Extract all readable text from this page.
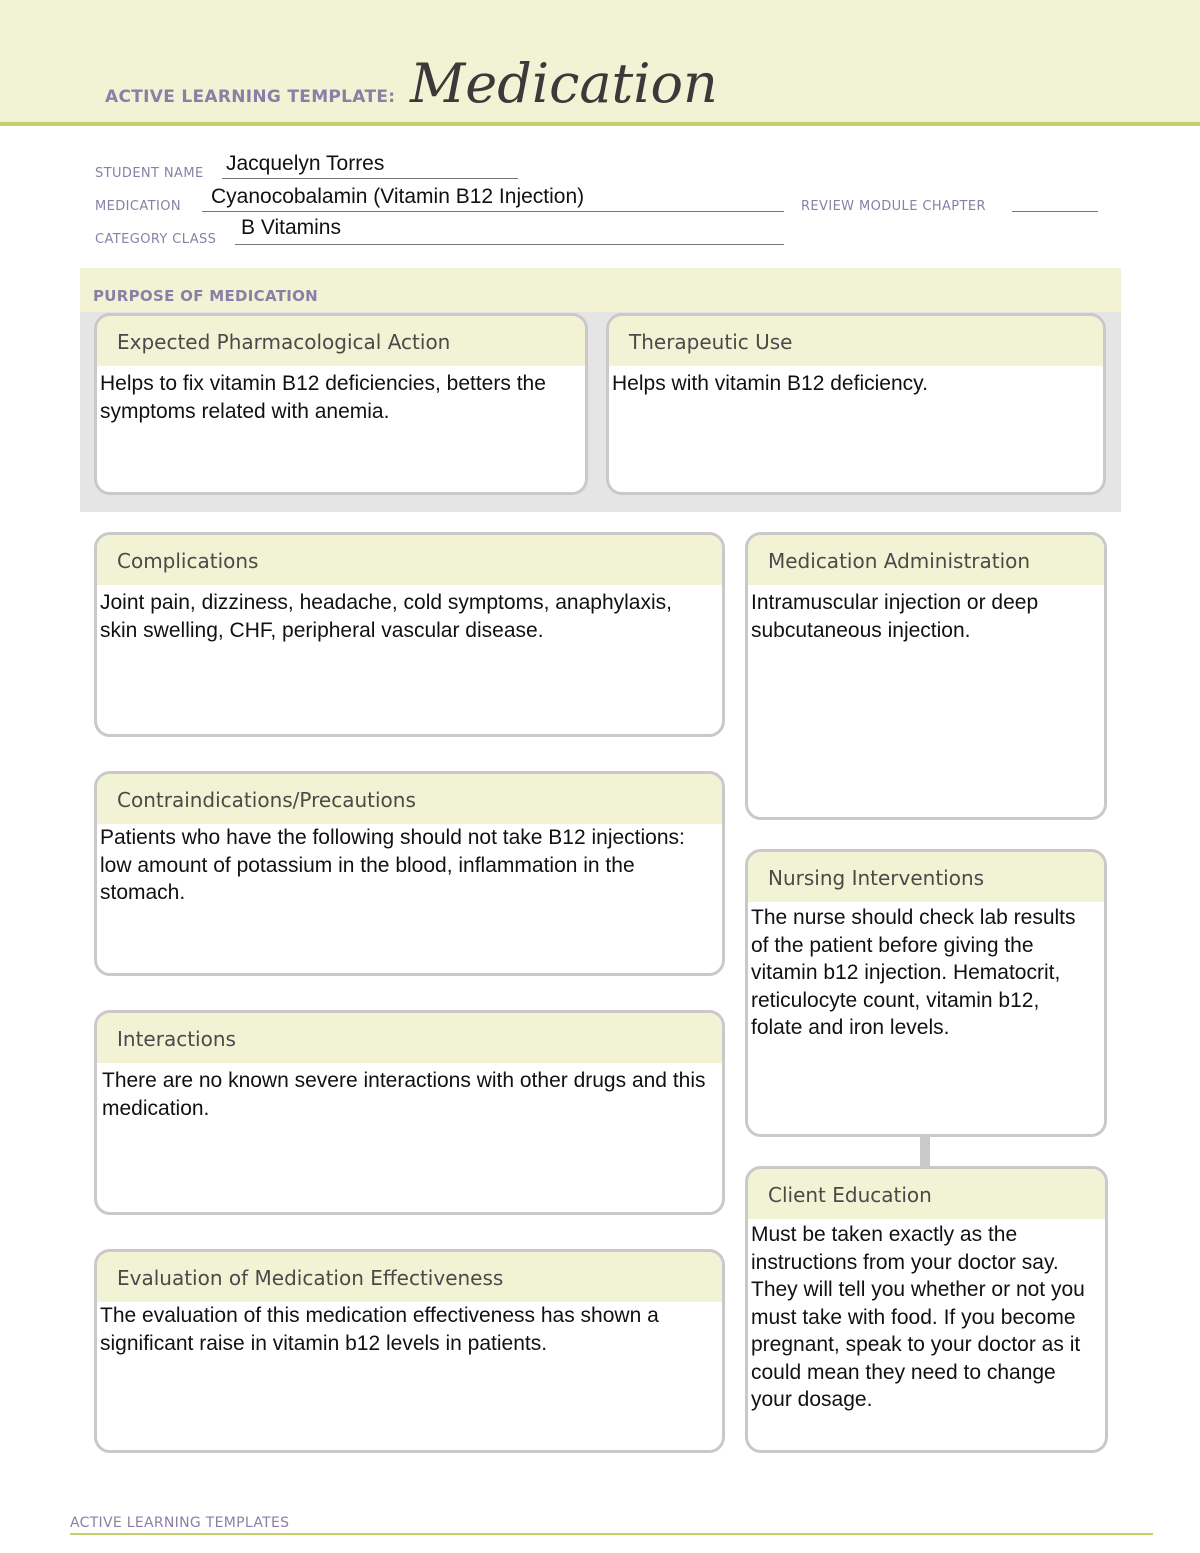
ACTIVE LEARNING TEMPLATE: Medication
STUDENT NAME Jacquelyn Torres
MEDICATION Cyanocobalamin (Vitamin B12 Injection)	REVIEW MODULE CHAPTER
CATEGORY CLASS
B Vitamins
PURPOSE OF MEDICATION
Expected Pharmacological Action
Helps to fix vitamin B12 deficiencies, betters the symptoms related with anemia.
Therapeutic Use
Helps with vitamin B12 deficiency.
Complications
Joint pain, dizziness, headache, cold symptoms, anaphylaxis, skin swelling, CHF, peripheral vascular disease.
Contraindications/Precautions
Patients who have the following should not take B12 injections: low amount of potassium in the blood, inflammation in the stomach.
Interactions
There are no known severe interactions with other drugs and this medication.
Evaluation of Medication Effectiveness
The evaluation of this medication effectiveness has shown a significant raise in vitamin b12 levels in patients.
Medication Administration
Intramuscular injection or deep subcutaneous injection.
Nursing Interventions
The nurse should check lab results of the patient before giving the vitamin b12 injection. Hematocrit, reticulocyte count, vitamin b12, folate and iron levels.
Client Education
Must be taken exactly as the instructions from your doctor say. They will tell you whether or not you must take with food. If you become pregnant, speak to your doctor as it could mean they need to change your dosage.
ACTIVE LEARNING TEMPLATES
